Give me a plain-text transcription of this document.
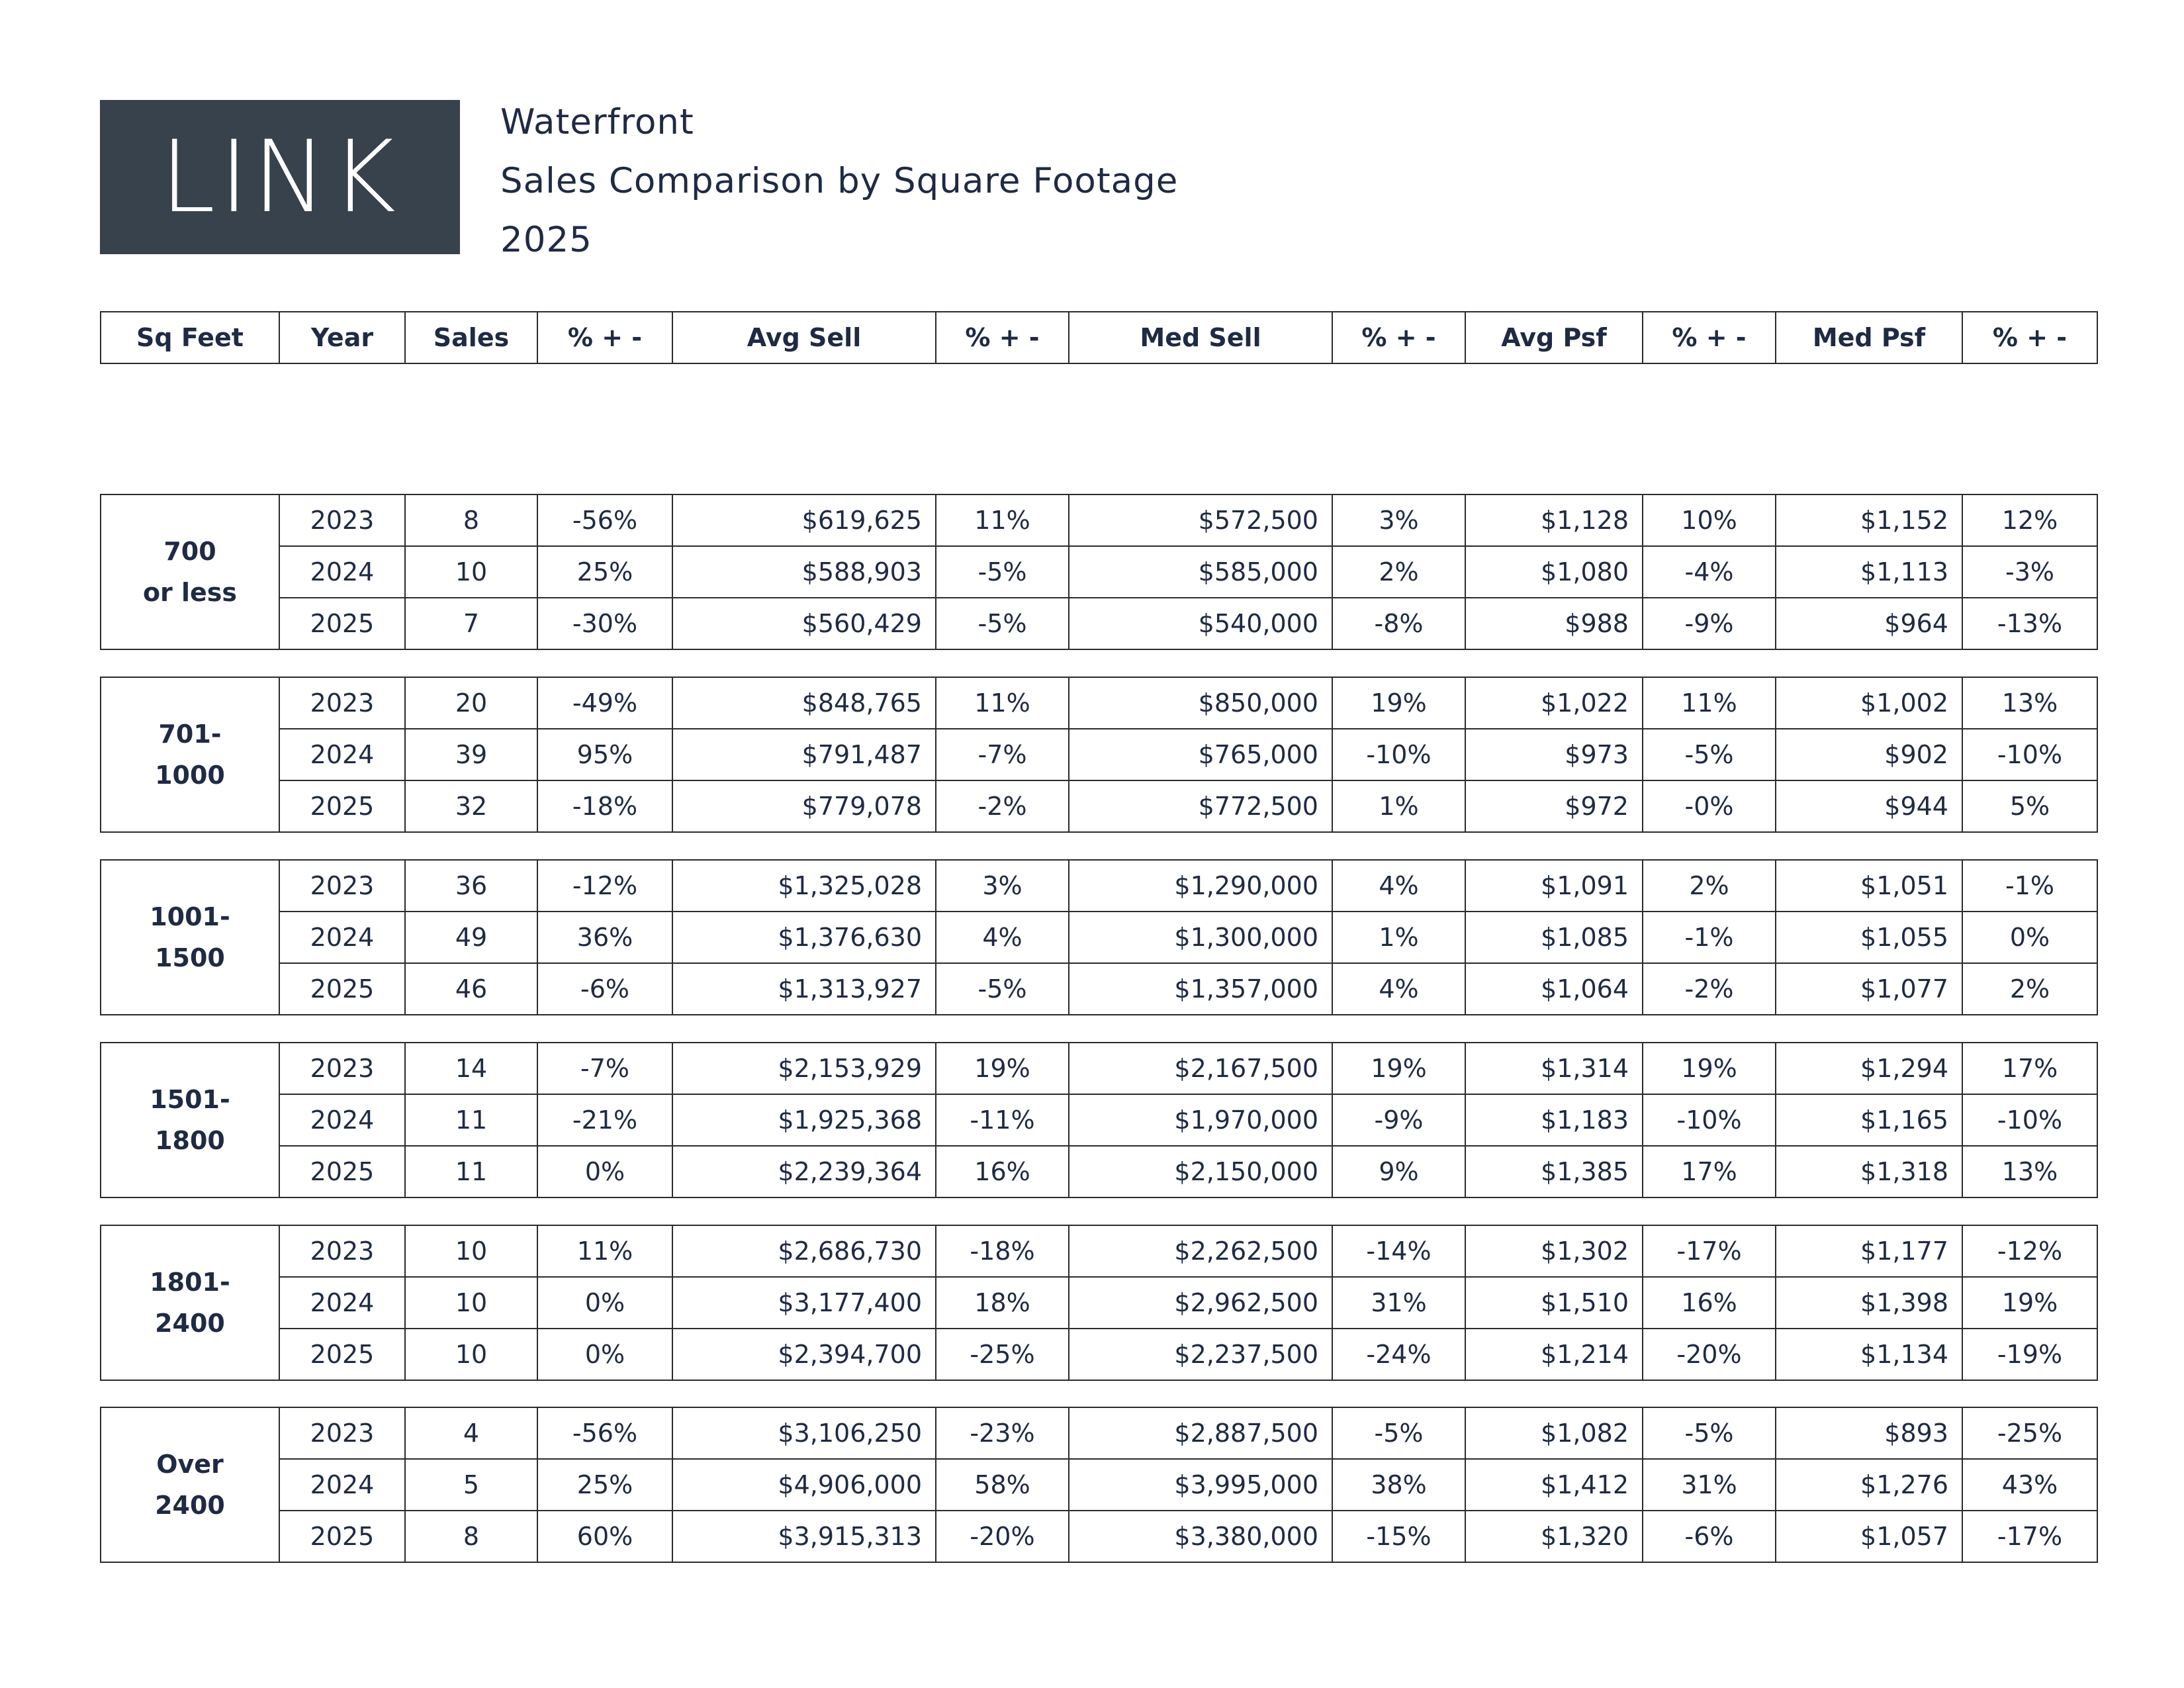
LINK	Waterfront
Sales Comparison by Square Footage
2025
Sq Feet	Year	Sales	% + -	Avg Sell	% + -	Med Sell	% + -	Avg Psf	% + -	Med Psf	% + -
700
or less	2023	8	-56%	$619,625	11%	$572,500	3%	$1,128	10%	$1,152	12%
	2024	10	25%	$588,903	-5%	$585,000	2%	$1,080	-4%	$1,113	-3%
	2025	7	-30%	$560,429	-5%	$540,000	-8%	$988	-9%	$964	-13%
701-
1000	2023	20	-49%	$848,765	11%	$850,000	19%	$1,022	11%	$1,002	13%
	2024	39	95%	$791,487	-7%	$765,000	-10%	$973	-5%	$902	-10%
	2025	32	-18%	$779,078	-2%	$772,500	1%	$972	-0%	$944	5%
1001-
1500	2023	36	-12%	$1,325,028	3%	$1,290,000	4%	$1,091	2%	$1,051	-1%
	2024	49	36%	$1,376,630	4%	$1,300,000	1%	$1,085	-1%	$1,055	0%
	2025	46	-6%	$1,313,927	-5%	$1,357,000	4%	$1,064	-2%	$1,077	2%
1501-
1800	2023	14	-7%	$2,153,929	19%	$2,167,500	19%	$1,314	19%	$1,294	17%
	2024	11	-21%	$1,925,368	-11%	$1,970,000	-9%	$1,183	-10%	$1,165	-10%
	2025	11	0%	$2,239,364	16%	$2,150,000	9%	$1,385	17%	$1,318	13%
1801-
2400	2023	10	11%	$2,686,730	-18%	$2,262,500	-14%	$1,302	-17%	$1,177	-12%
	2024	10	0%	$3,177,400	18%	$2,962,500	31%	$1,510	16%	$1,398	19%
	2025	10	0%	$2,394,700	-25%	$2,237,500	-24%	$1,214	-20%	$1,134	-19%
Over
2400	2023	4	-56%	$3,106,250	-23%	$2,887,500	-5%	$1,082	-5%	$893	-25%
	2024	5	25%	$4,906,000	58%	$3,995,000	38%	$1,412	31%	$1,276	43%
	2025	8	60%	$3,915,313	-20%	$3,380,000	-15%	$1,320	-6%	$1,057	-17%
